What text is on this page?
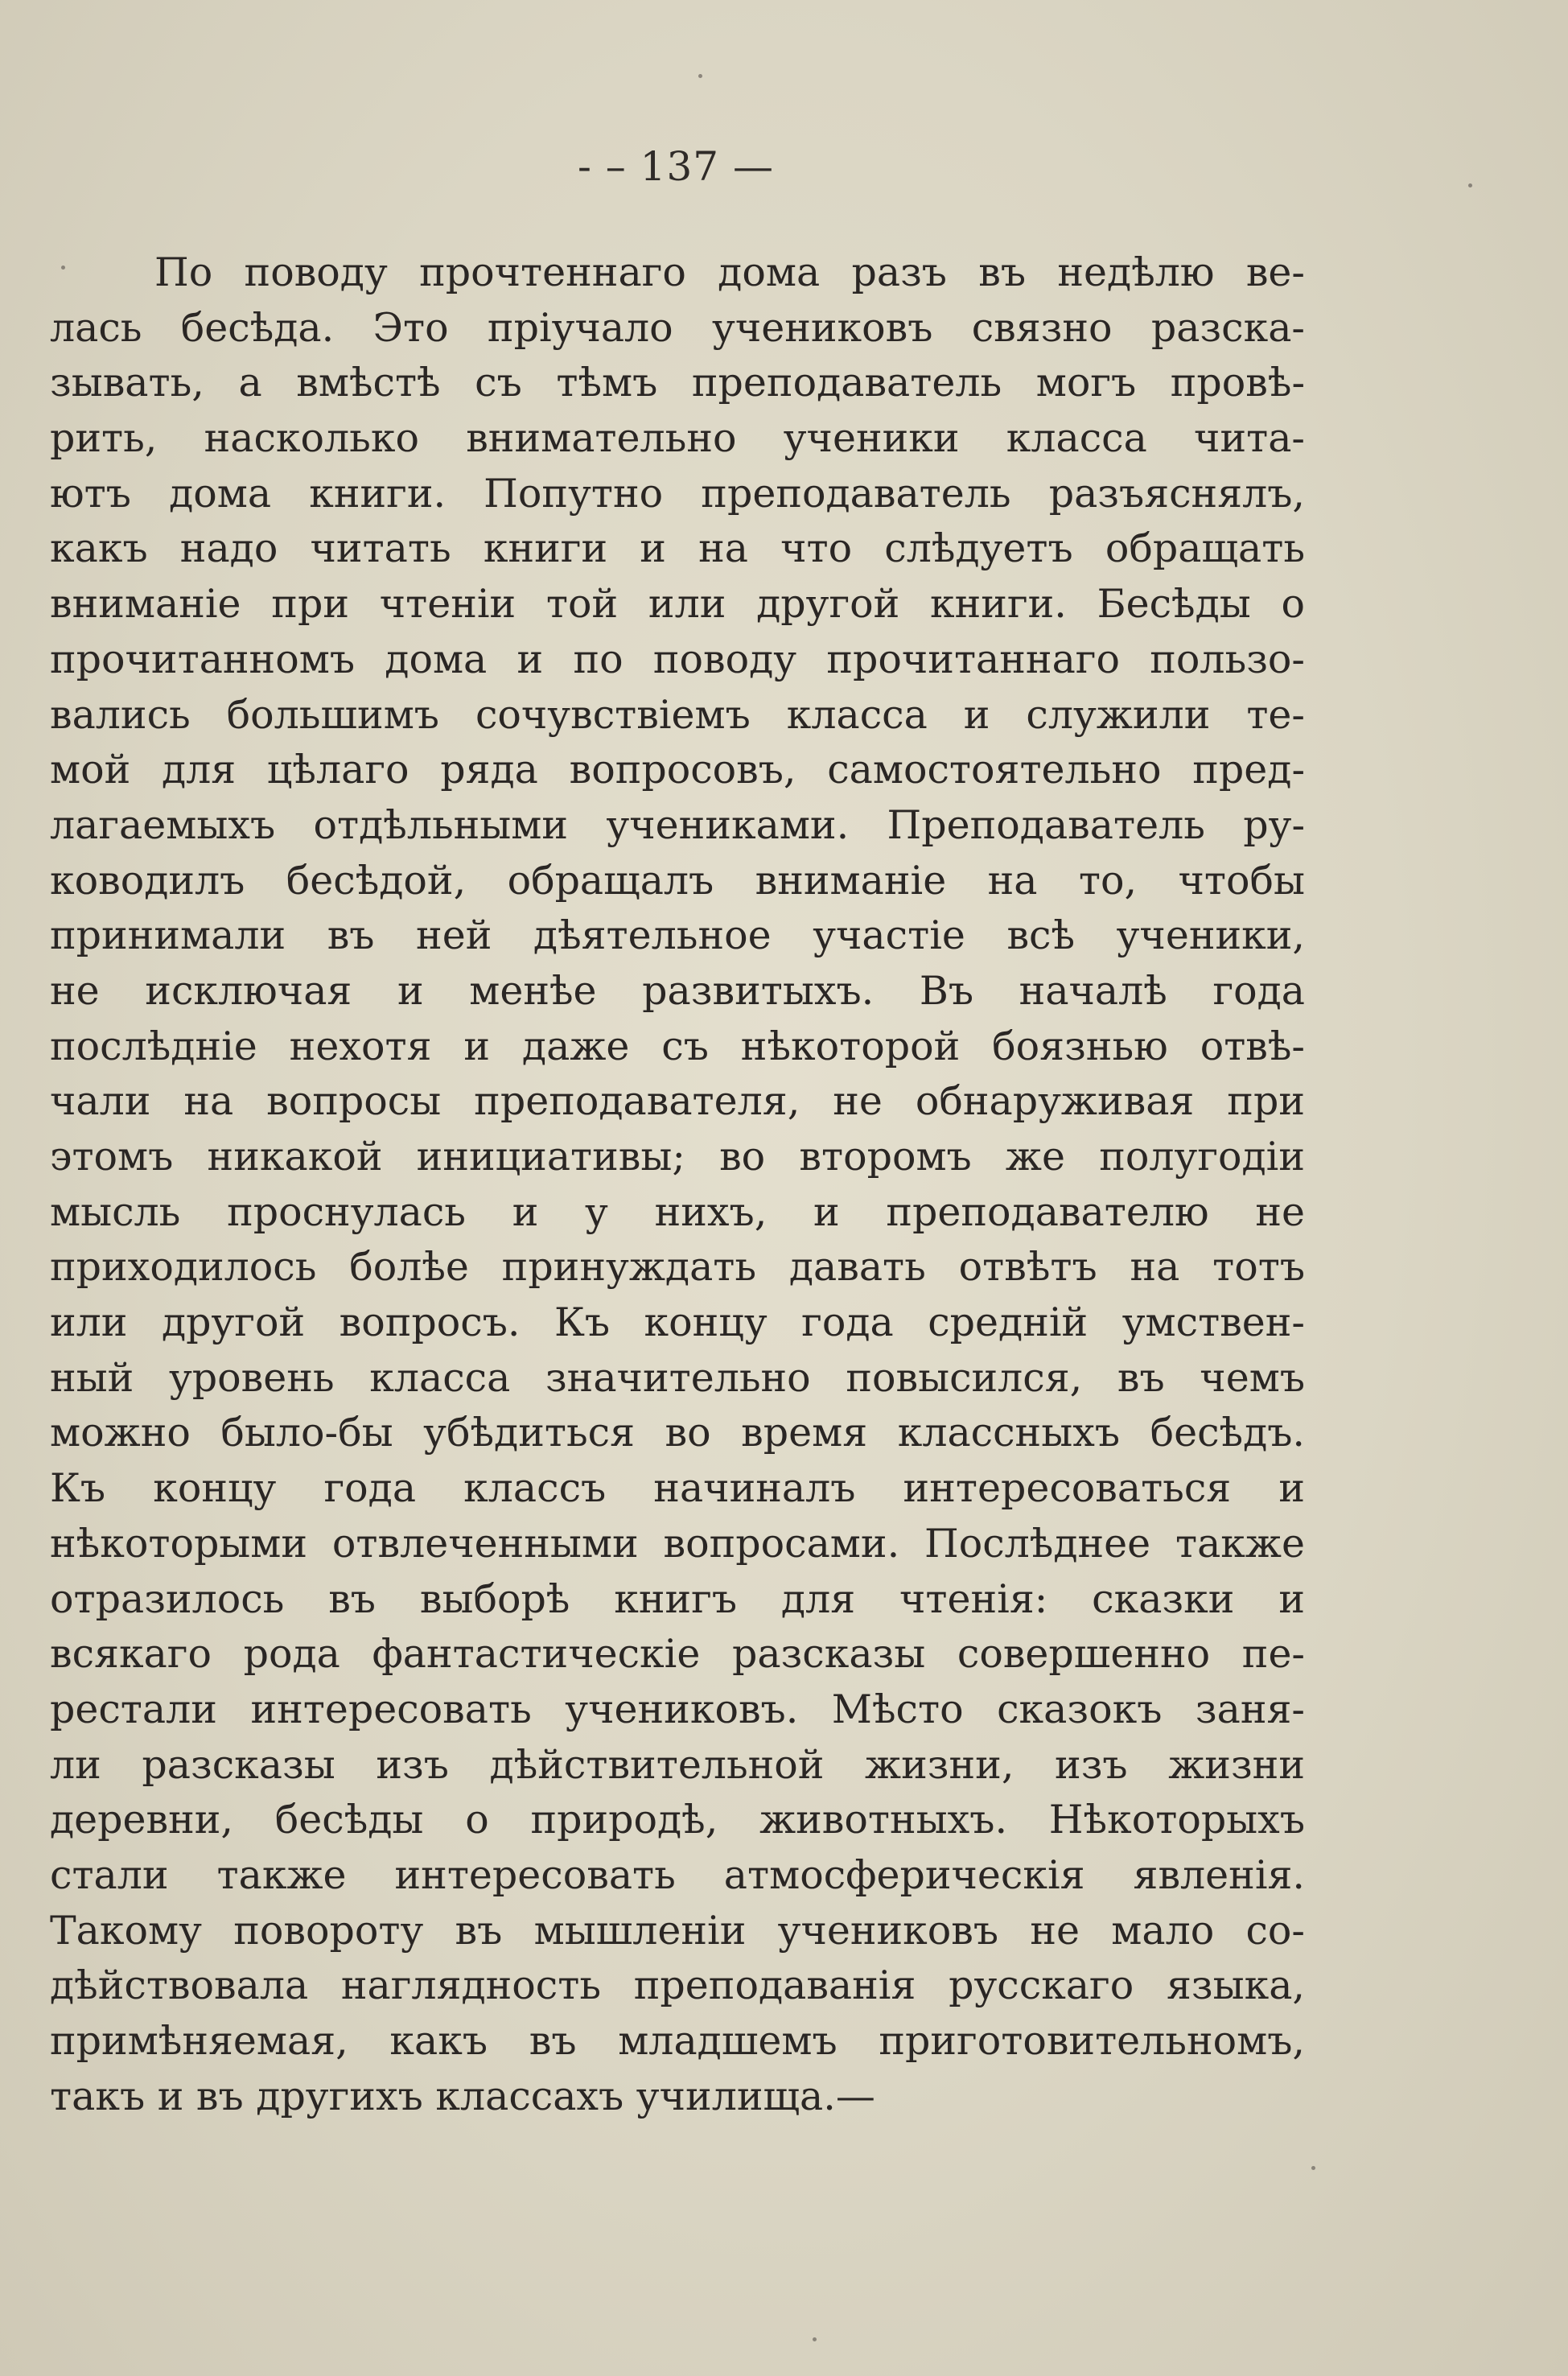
- – 137 —
По поводу прочтеннаго дома разъ въ недѣлю ве-
лась бесѣда. Это пріучало учениковъ связно разска-
зывать, а вмѣстѣ съ тѣмъ преподаватель могъ провѣ-
рить, насколько внимательно ученики класса чита-
ютъ дома книги. Попутно преподаватель разъяснялъ,
какъ надо читать книги и на что слѣдуетъ обращать
вниманіе при чтеніи той или другой книги. Бесѣды о
прочитанномъ дома и по поводу прочитаннаго пользо-
вались большимъ сочувствіемъ класса и служили те-
мой для цѣлаго ряда вопросовъ, самостоятельно пред-
лагаемыхъ отдѣльными учениками. Преподаватель ру-
ководилъ бесѣдой, обращалъ вниманіе на то, чтобы
принимали въ ней дѣятельное участіе всѣ ученики,
не исключая и менѣе развитыхъ. Въ началѣ года
послѣдніе нехотя и даже съ нѣкоторой боязнью отвѣ-
чали на вопросы преподавателя, не обнаруживая при
этомъ никакой инициативы; во второмъ же полугодіи
мысль проснулась и у нихъ, и преподавателю не
приходилось болѣе принуждать давать отвѣтъ на тотъ
или другой вопросъ. Къ концу года средній умствен-
ный уровень класса значительно повысился, въ чемъ
можно было-бы убѣдиться во время классныхъ бесѣдъ.
Къ концу года классъ начиналъ интересоваться и
нѣкоторыми отвлеченными вопросами. Послѣднее также
отразилось въ выборѣ книгъ для чтенія: сказки и
всякаго рода фантастическіе разсказы совершенно пе-
рестали интересовать учениковъ. Мѣсто сказокъ заня-
ли разсказы изъ дѣйствительной жизни, изъ жизни
деревни, бесѣды о природѣ, животныхъ. Нѣкоторыхъ
стали также интересовать атмосферическія явленія.
Такому повороту въ мышленіи учениковъ не мало со-
дѣйствовала наглядность преподаванія русскаго языка,
примѣняемая, какъ въ младшемъ приготовительномъ,
такъ и въ другихъ классахъ училища.—
